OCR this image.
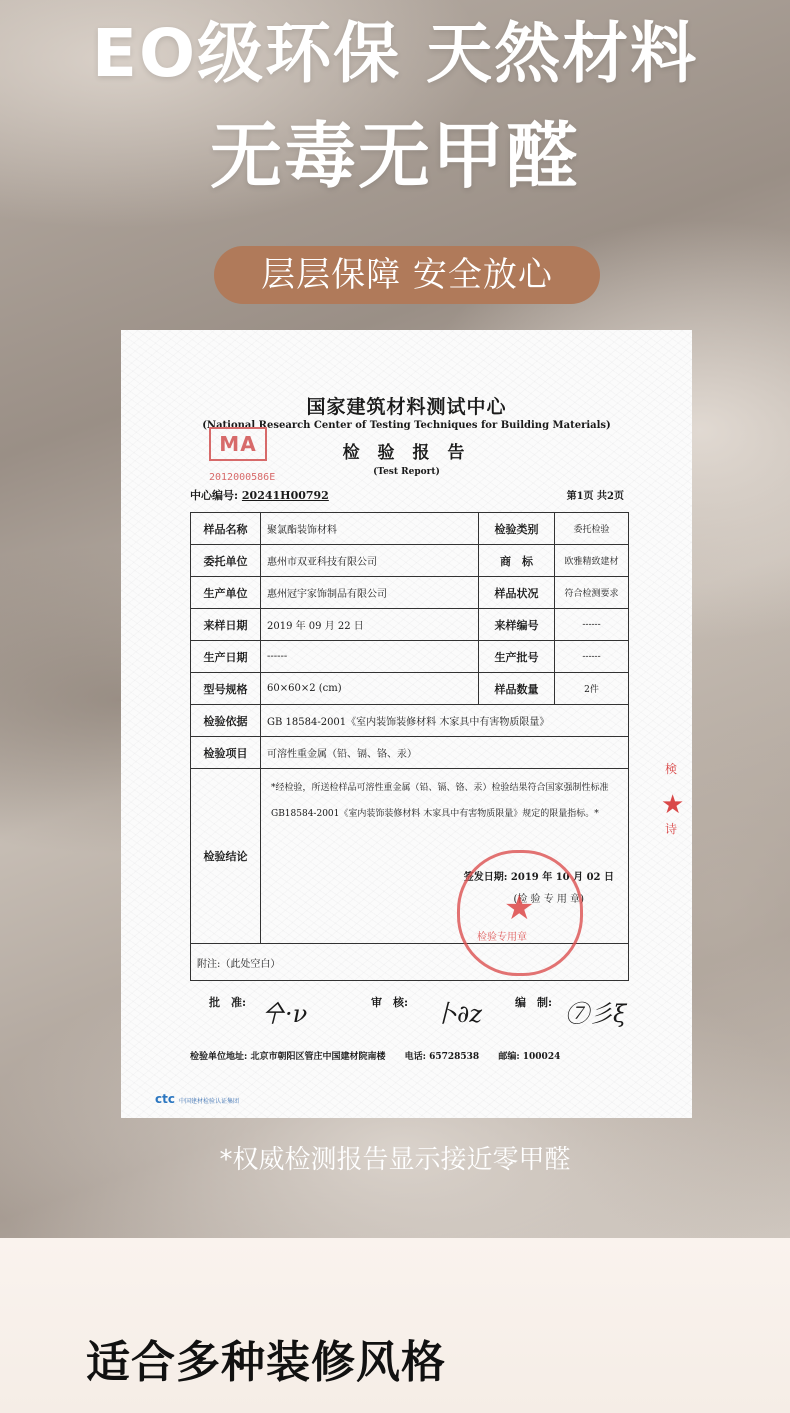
EO级环保 天然材料
无毒无甲醛
层层保障 安全放心
国家建筑材料测试中心
(National Research Center of Testing Techniques for Building Materials)
检 验 报 告
(Test Report)
MA
2012000586E
中心编号: 20241H00792	第1页 共2页
样品名称	聚氯酯装饰材料	检验类别	委托检验
委托单位	惠州市双亚科技有限公司	商　标	欧雅精致建材
生产单位	惠州冠宇家饰制品有限公司	样品状况	符合检测要求
来样日期	2019 年 09 月 22 日	来样编号	------
生产日期	------	生产批号	------
型号规格	60×60×2 (cm)	样品数量	2件
检验依据	GB 18584-2001《室内装饰装修材料 木家具中有害物质限量》		
检验项目	可溶性重金属（铅、镉、铬、汞）		
检验结论	*经检验，所送检样品可溶性重金属（铅、镉、铬、汞）检验结果符合国家强制性标准 GB18584-2001《室内装饰装修材料 木家具中有害物质限量》规定的限量指标。*
签发日期: 2019 年 10 月 02 日
(检 验 专 用 章)		

附注:（此处空白）			
★
检验专用章
検
★
诗
批　准: 㐃·ν	审　核: 卜∂z	编　制: ⑦彡ξ
检验单位地址: 北京市朝阳区管庄中国建材院南楼 电话: 65728538 邮编: 100024
ctc 中国建材检验认证集团
*权威检测报告显示接近零甲醛
适合多种装修风格
